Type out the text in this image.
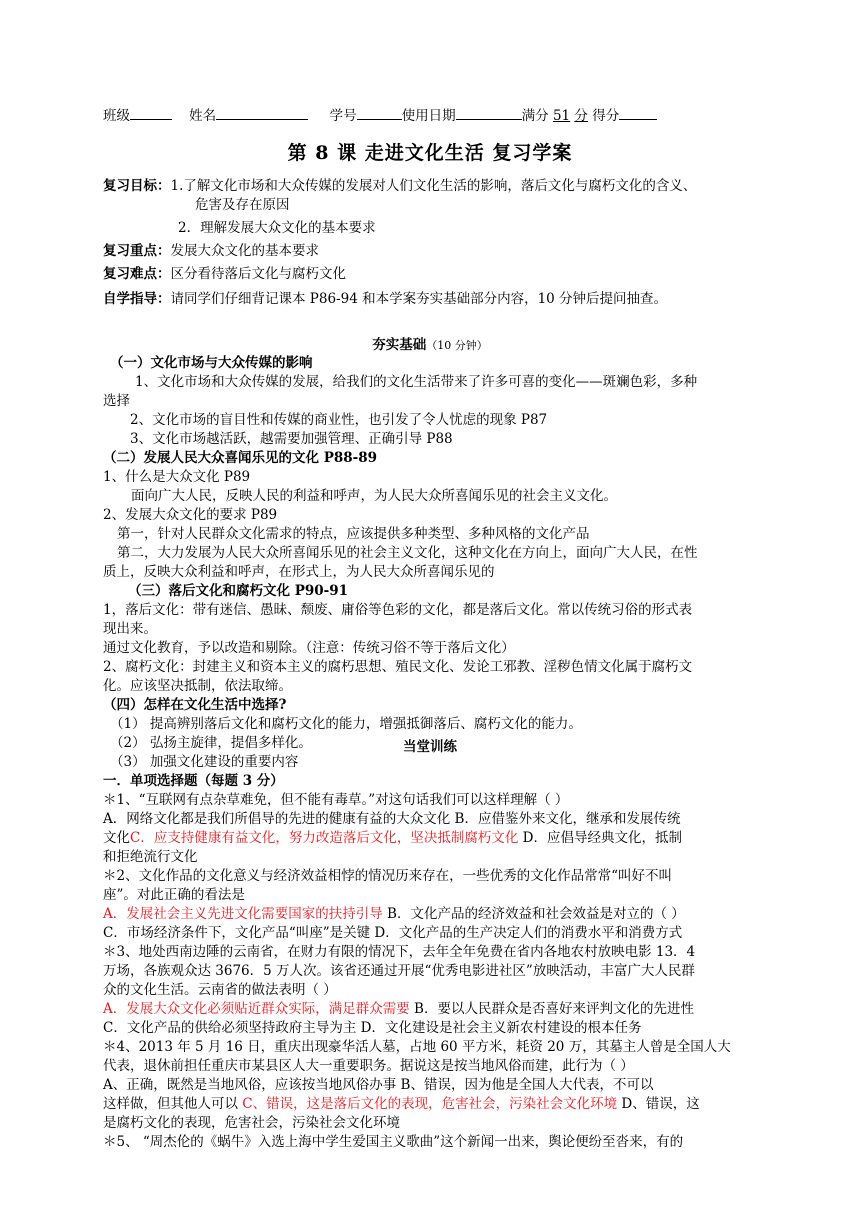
班级	姓名	学号	使用日期	满分 51 分 得分
第 8 课 走进文化生活 复习学案
复习目标：1.了解文化市场和大众传媒的发展对人们文化生活的影响，落后文化与腐朽文化的含义、
危害及存在原因
2．理解发展大众文化的基本要求
复习重点：发展大众文化的基本要求
复习难点：区分看待落后文化与腐朽文化
自学指导：请同学们仔细背记课本 P86-94 和本学案夯实基础部分内容，10 分钟后提问抽查。
夯实基础（10 分钟）
（一）文化市场与大众传媒的影响
1、文化市场和大众传媒的发展，给我们的文化生活带来了许多可喜的变化——斑斓色彩，多种
选择
2、文化市场的盲目性和传媒的商业性，也引发了令人忧虑的现象 P87
3、文化市场越活跃，越需要加强管理、正确引导 P88
（二）发展人民大众喜闻乐见的文化 P88-89
1、什么是大众文化 P89
面向广大人民，反映人民的利益和呼声，为人民大众所喜闻乐见的社会主义文化。
2、发展大众文化的要求 P89
第一，针对人民群众文化需求的特点，应该提供多种类型、多种风格的文化产品
第二，大力发展为人民大众所喜闻乐见的社会主义文化，这种文化在方向上，面向广大人民，在性
质上，反映大众利益和呼声，在形式上，为人民大众所喜闻乐见的
（三）落后文化和腐朽文化 P90-91
1，落后文化：带有迷信、愚昧、颓废、庸俗等色彩的文化，都是落后文化。常以传统习俗的形式表
现出来。
通过文化教育，予以改造和剔除。（注意：传统习俗不等于落后文化）
2、腐朽文化：封建主义和资本主义的腐朽思想、殖民文化、发论工邪教、淫秽色情文化属于腐朽文
化。应该坚决抵制，依法取缔。
（四）怎样在文化生活中选择?
（1） 提高辨别落后文化和腐朽文化的能力，增强抵御落后、腐朽文化的能力。
（2） 弘扬主旋律，提倡多样化。
（3） 加强文化建设的重要内容
当堂训练
一．单项选择题（每题 3 分）
＊1、“互联网有点杂草难免，但不能有毒草。”对这句话我们可以这样理解（ ）
A．网络文化都是我们所倡导的先进的健康有益的大众文化 B．应借鉴外来文化，继承和发展传统
文化C．应支持健康有益文化，努力改造落后文化，坚决抵制腐朽文化 D．应倡导经典文化，抵制
和拒绝流行文化
＊2、文化作品的文化意义与经济效益相悖的情况历来存在，一些优秀的文化作品常常“叫好不叫
座”。对此正确的看法是
A．发展社会主义先进文化需要国家的扶持引导 B．文化产品的经济效益和社会效益是对立的（ ）
C．市场经济条件下，文化产品“叫座”是关键 D．文化产品的生产决定人们的消费水平和消费方式
＊3、地处西南边陲的云南省，在财力有限的情况下，去年全年免费在省内各地农村放映电影 13．4
万场，各族观众达 3676．5 万人次。该省还通过开展“优秀电影进社区”放映活动，丰富广大人民群
众的文化生活。云南省的做法表明（ ）
A．发展大众文化必须贴近群众实际，满足群众需要 B．要以人民群众是否喜好来评判文化的先进性
C．文化产品的供给必须坚持政府主导为主 D．文化建设是社会主义新农村建设的根本任务
＊4、2013 年 5 月 16 日，重庆出现豪华活人墓，占地 60 平方米，耗资 20 万，其墓主人曾是全国人大
代表，退休前担任重庆市某县区人大一重要职务。据说这是按当地风俗而建，此行为（ ）
A、正确，既然是当地风俗，应该按当地风俗办事 B、错误，因为他是全国人大代表，不可以
这样做，但其他人可以 C、错误，这是落后文化的表现，危害社会，污染社会文化环境 D、错误，这
是腐朽文化的表现，危害社会，污染社会文化环境
＊5、 “周杰伦的《蜗牛》入选上海中学生爱国主义歌曲”这个新闻一出来，舆论便纷至沓来，有的
